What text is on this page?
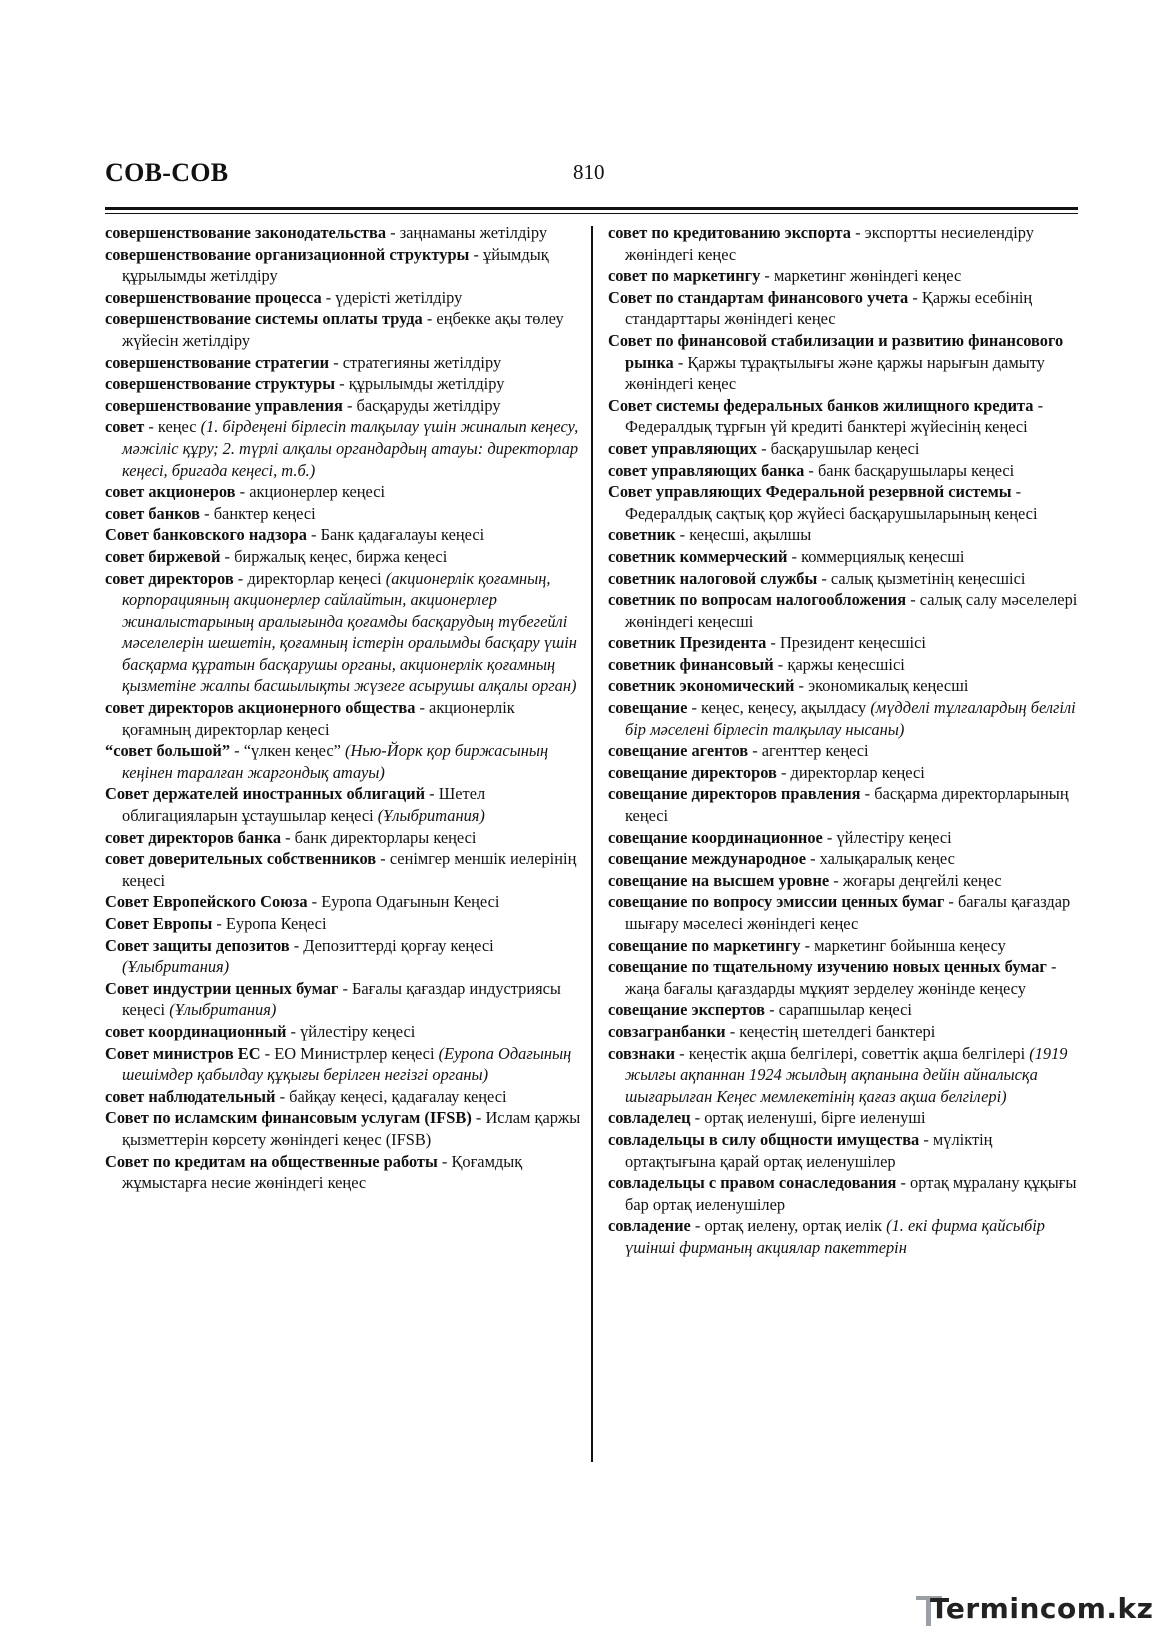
СОВ-СОВ	810

совершенствование законодательства - заңнаманы жетілдіру

совершенствование организационной структуры - ұйымдық құрылымды жетілдіру

совершенствование процесса - үдерісті жетілдіру

совершенствование системы оплаты труда - еңбекке ақы төлеу жүйесін жетілдіру

совершенствование стратегии - стратегияны жетілдіру

совершенствование структуры - құрылымды жетілдіру

совершенствование управления - басқаруды жетілдіру

совет - кеңес (1. бірдеңені бірлесіп талқылау үшін жиналып кеңесу, мәжіліс құру; 2. түрлі алқалы органдардың атауы: директорлар кеңесі, бригада кеңесі, т.б.)

совет акционеров - акционерлер кеңесі

совет банков - банктер кеңесі

Совет банковского надзора - Банк қадағалауы кеңесі

совет биржевой - биржалық кеңес, биржа кеңесі

совет директоров - директорлар кеңесі (акционерлік қоғамның, корпорацияның акционерлер сайлайтын, акционерлер жиналыстарының аралығында қоғамды басқарудың түбегейлі мәселелерін шешетін, қоғамның істерін оралымды басқару үшін басқарма құратын басқарушы органы, акционерлік қоғамның қызметіне жалпы басшылықты жүзеге асырушы алқалы орган)

совет директоров акционерного общества - акционерлік қоғамның директорлар кеңесі

“совет большой” - “үлкен кеңес” (Нью-Йорк қор биржасының кеңінен таралған жаргондық атауы)

Совет держателей иностранных облигаций - Шетел облигацияларын ұстаушылар кеңесі (Ұлыбритания)

совет директоров банка - банк директорлары кеңесі

совет доверительных собственников - сенімгер меншік иелерінің кеңесі

Совет Европейского Союза - Еуропа Одағынын Кеңесі

Совет Европы - Еуропа Кеңесі

Совет защиты депозитов - Депозиттерді қорғау кеңесі (Ұлыбритания)

Совет индустрии ценных бумаг - Бағалы қағаздар индустриясы кеңесі (Ұлыбритания)

совет координационный - үйлестіру кеңесі

Совет министров ЕС - ЕО Министрлер кеңесі (Еуропа Одағының шешімдер қабылдау құқығы берілген негізгі органы)

совет наблюдательный - байқау кеңесі, қадағалау кеңесі

Совет по исламским финансовым услугам (IFSB) - Ислам қаржы қызметтерін көрсету жөніндегі кеңес (IFSB)

Совет по кредитам на общественные работы - Қоғамдық жұмыстарға несие жөніндегі кеңес

совет по кредитованию экспорта - экспортты несиелендіру жөніндегі кеңес

совет по маркетингу - маркетинг жөніндегі кеңес

Совет по стандартам финансового учета - Қаржы есебінің стандарттары жөніндегі кеңес

Совет по финансовой стабилизации и развитию финансового рынка - Қаржы тұрақтылығы және қаржы нарығын дамыту жөніндегі кеңес

Совет системы федеральных банков жилищного кредита - Федералдық тұрғын үй кредиті банктері жүйесінің кеңесі

совет управляющих - басқарушылар кеңесі

совет управляющих банка - банк басқарушылары кеңесі

Совет управляющих Федеральной резервной системы - Федералдық сақтық қор жүйесі басқарушыларының кеңесі

советник - кеңесші, ақылшы

советник коммерческий - коммерциялық кеңесші

советник налоговой службы - салық қызметінің кеңесшісі

советник по вопросам налогообложения - салық салу мәселелері жөніндегі кеңесші

советник Президента - Президент кеңесшісі

советник финансовый - қаржы кеңесшісі

советник экономический - экономикалық кеңесші

совещание - кеңес, кеңесу, ақылдасу (мүдделі тұлғалардың белгілі бір мәселені бірлесіп талқылау нысаны)

совещание агентов - агенттер кеңесі

совещание директоров - директорлар кеңесі

совещание директоров правления - басқарма директорларының кеңесі

совещание координационное - үйлестіру кеңесі

совещание международное - халықаралық кеңес

совещание на высшем уровне - жоғары деңгейлі кеңес

совещание по вопросу эмиссии ценных бумаг - бағалы қағаздар шығару мәселесі жөніндегі кеңес

совещание по маркетингу - маркетинг бойынша кеңесу

совещание по тщательному изучению новых ценных бумаг - жаңа бағалы қағаздарды мұқият зерделеу жөнінде кеңесу

совещание экспертов - сарапшылар кеңесі

совзагранбанки - кеңестің шетелдегі банктері

совзнаки - кеңестік ақша белгілері, советтік ақша белгілері (1919 жылғы ақпаннан 1924 жылдың ақпанына дейін айналысқа шығарылған Кеңес мемлекетінің қағаз ақша белгілері)

совладелец - ортақ иеленуші, бірге иеленуші

совладельцы в силу общности имущества - мүліктің ортақтығына қарай ортақ иеленушілер

совладельцы с правом сонаследования - ортақ мұралану құқығы бар ортақ иеленушілер

совладение - ортақ иелену, ортақ иелік (1. екі фирма қайсыбір үшінші фирманың акциялар пакеттерін

Termincom.kz
